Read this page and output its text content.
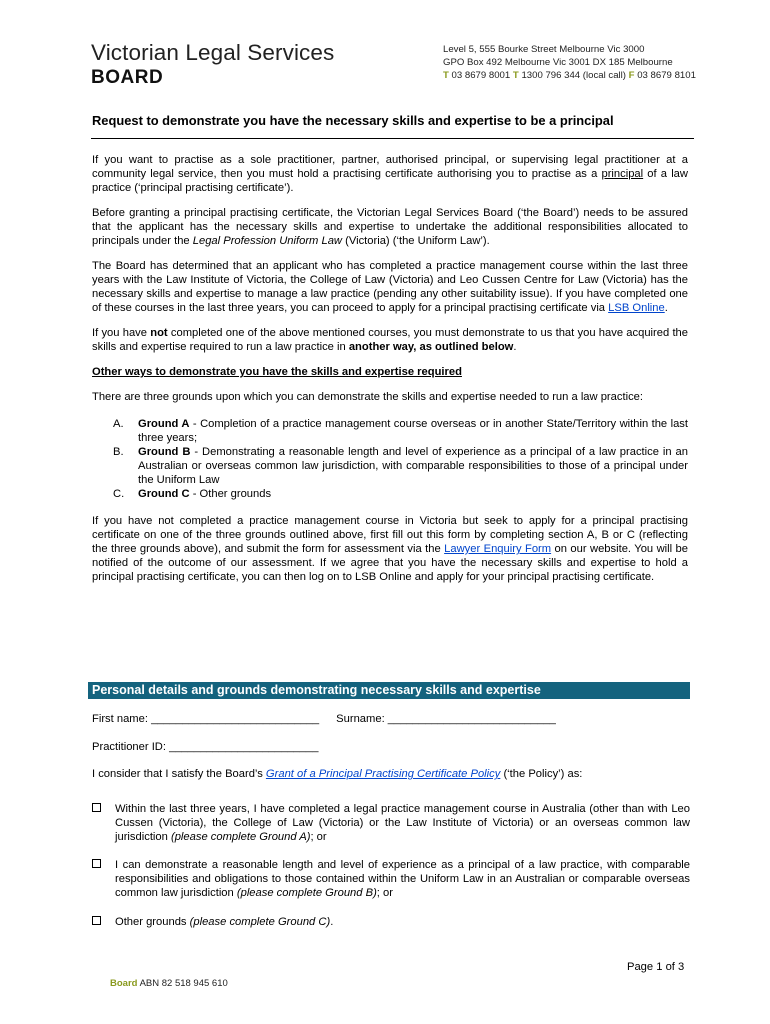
Victorian Legal Services
BOARD
Level 5, 555 Bourke Street Melbourne Vic 3000
GPO Box 492 Melbourne Vic 3001 DX 185 Melbourne
T 03 8679 8001 T 1300 796 344 (local call) F 03 8679 8101
Request to demonstrate you have the necessary skills and expertise to be a principal

If you want to practise as a sole practitioner, partner, authorised principal, or supervising legal practitioner at a community legal service, then you must hold a practising certificate authorising you to practise as a principal of a law practice (‘principal practising certificate’).

Before granting a principal practising certificate, the Victorian Legal Services Board (‘the Board’) needs to be assured that the applicant has the necessary skills and expertise to undertake the additional responsibilities allocated to principals under the Legal Profession Uniform Law (Victoria) (‘the Uniform Law’).

The Board has determined that an applicant who has completed a practice management course within the last three years with the Law Institute of Victoria, the College of Law (Victoria) and Leo Cussen Centre for Law (Victoria) has the necessary skills and expertise to manage a law practice (pending any other suitability issue). If you have completed one of these courses in the last three years, you can proceed to apply for a principal practising certificate via LSB Online.

If you have not completed one of the above mentioned courses, you must demonstrate to us that you have acquired the skills and expertise required to run a law practice in another way, as outlined below.

Other ways to demonstrate you have the skills and expertise required

There are three grounds upon which you can demonstrate the skills and expertise needed to run a law practice:

A. Ground A - Completion of a practice management course overseas or in another State/Territory within the last three years;
B. Ground B - Demonstrating a reasonable length and level of experience as a principal of a law practice in an Australian or overseas common law jurisdiction, with comparable responsibilities to those of a principal under the Uniform Law
C. Ground C - Other grounds

If you have not completed a practice management course in Victoria but seek to apply for a principal practising certificate on one of the three grounds outlined above, first fill out this form by completing section A, B or C (reflecting the three grounds above), and submit the form for assessment via the Lawyer Enquiry Form on our website. You will be notified of the outcome of our assessment. If we agree that you have the necessary skills and expertise to hold a principal practising certificate, you can then log on to LSB Online and apply for your principal practising certificate.

Personal details and grounds demonstrating necessary skills and expertise
First name: ___________________________ Surname: ___________________________
Practitioner ID: ________________________
I consider that I satisfy the Board’s Grant of a Principal Practising Certificate Policy (‘the Policy’) as:
Within the last three years, I have completed a legal practice management course in Australia (other than with Leo Cussen (Victoria), the College of Law (Victoria) or the Law Institute of Victoria) or an overseas common law jurisdiction (please complete Ground A); or
I can demonstrate a reasonable length and level of experience as a principal of a law practice, with comparable responsibilities and obligations to those contained within the Uniform Law in an Australian or comparable overseas common law jurisdiction (please complete Ground B); or
Other grounds (please complete Ground C).
Page 1 of 3
Board ABN 82 518 945 610
